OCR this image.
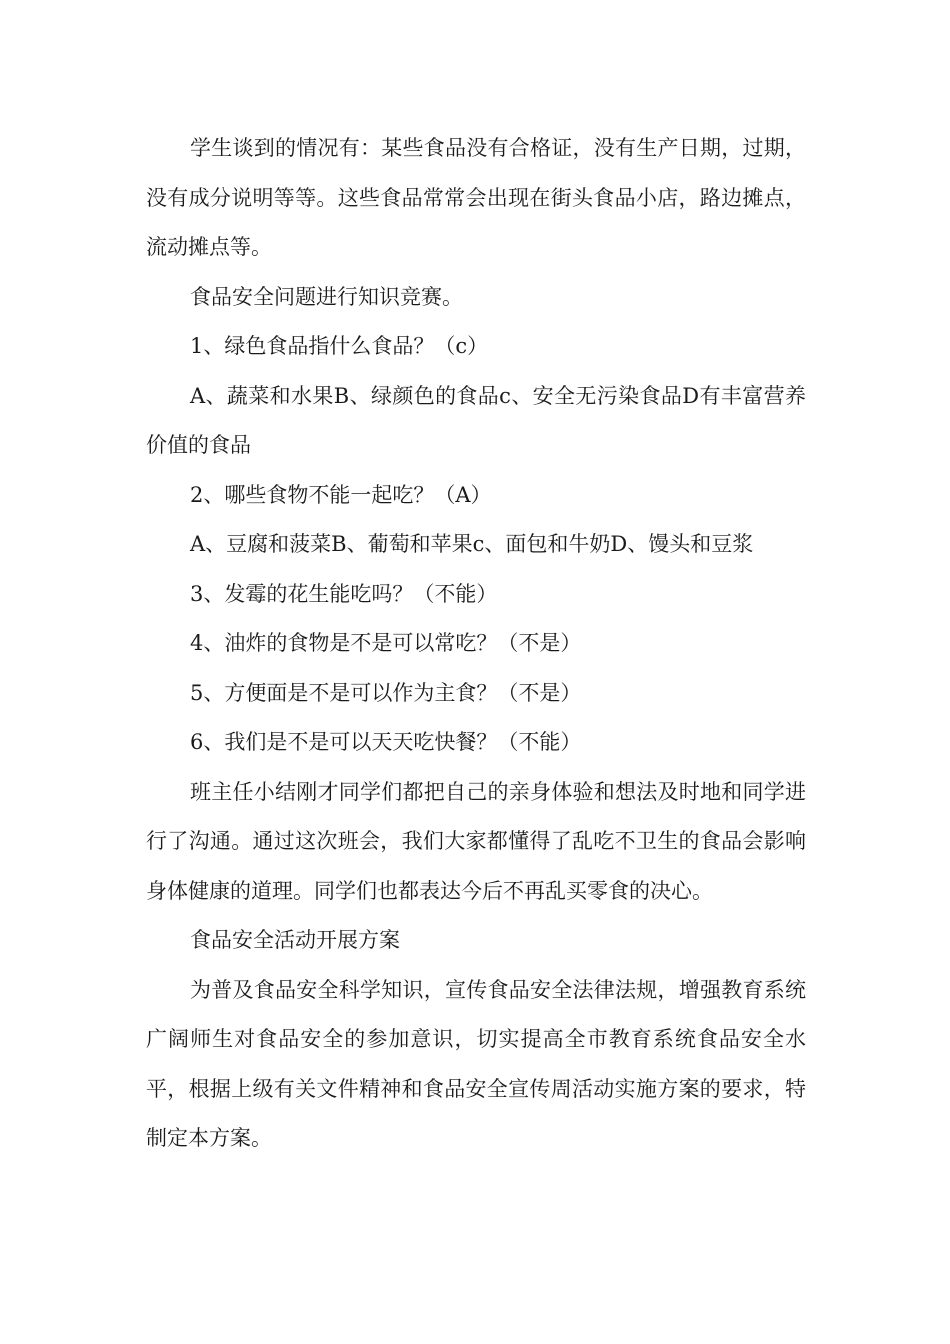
学生谈到的情况有：某些食品没有合格证，没有生产日期，过期，没有成分说明等等。这些食品常常会出现在街头食品小店，路边摊点，流动摊点等。

食品安全问题进行知识竞赛。

1、绿色食品指什么食品？（c）

A、蔬菜和水果B、绿颜色的食品c、安全无污染食品D有丰富营养价值的食品

2、哪些食物不能一起吃？（A）

A、豆腐和菠菜B、葡萄和苹果c、面包和牛奶D、馒头和豆浆

3、发霉的花生能吃吗？（不能）

4、油炸的食物是不是可以常吃？（不是）

5、方便面是不是可以作为主食？（不是）

6、我们是不是可以天天吃快餐？（不能）

班主任小结刚才同学们都把自己的亲身体验和想法及时地和同学进行了沟通。通过这次班会，我们大家都懂得了乱吃不卫生的食品会影响身体健康的道理。同学们也都表达今后不再乱买零食的决心。

食品安全活动开展方案

为普及食品安全科学知识，宣传食品安全法律法规，增强教育系统广阔师生对食品安全的参加意识，切实提高全市教育系统食品安全水平，根据上级有关文件精神和食品安全宣传周活动实施方案的要求，特制定本方案。
